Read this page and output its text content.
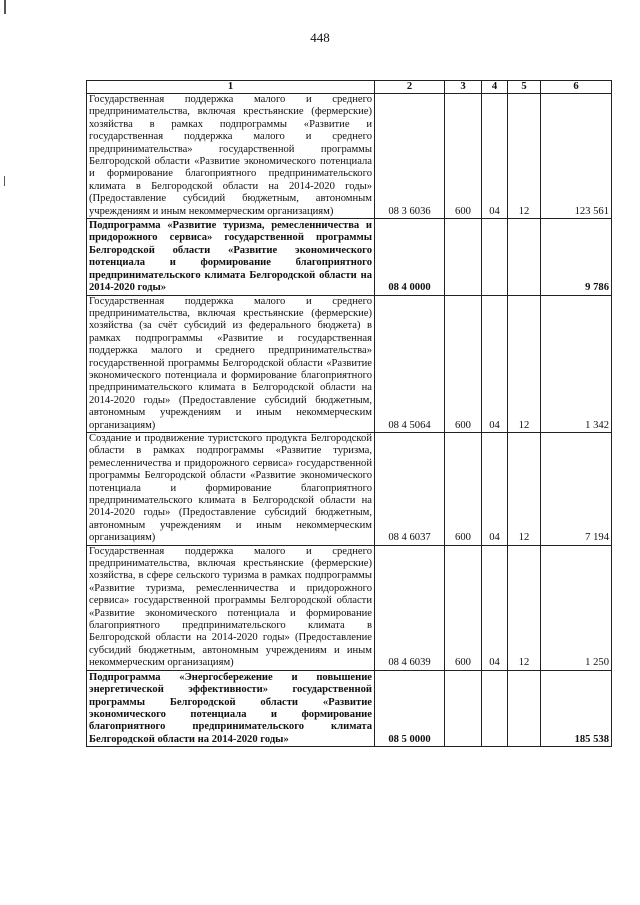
448
1	2	3	4	5	6
Государственная поддержка малого и среднего предпринимательства, включая крестьянские (фермерские) хозяйства в рамках подпрограммы «Развитие и государственная поддержка малого и среднего предпринимательства» государственной программы Белгородской области «Развитие экономического потенциала и формирование благоприятного предпринимательского климата в Белгородской области на 2014-2020 годы» (Предоставление субсидий бюджетным, автономным учреждениям и иным некоммерческим организациям)	08 3 6036	600	04	12	123 561
Подпрограмма «Развитие туризма, ремесленничества и придорожного сервиса» государственной программы Белгородской области «Развитие экономического потенциала и формирование благоприятного предпринимательского климата Белгородской области на 2014-2020 годы»	08 4 0000				9 786
Государственная поддержка малого и среднего предпринимательства, включая крестьянские (фермерские) хозяйства (за счёт субсидий из федерального бюджета) в рамках подпрограммы «Развитие и государственная поддержка малого и среднего предпринимательства» государственной программы Белгородской области «Развитие экономического потенциала и формирование благоприятного предпринимательского климата в Белгородской области на 2014-2020 годы» (Предоставление субсидий бюджетным, автономным учреждениям и иным некоммерческим организациям)	08 4 5064	600	04	12	1 342
Создание и продвижение туристского продукта Белгородской области в рамках подпрограммы «Развитие туризма, ремесленничества и придорожного сервиса» государственной программы Белгородской области «Развитие экономического потенциала и формирование благоприятного предпринимательского климата в Белгородской области на 2014-2020 годы» (Предоставление субсидий бюджетным, автономным учреждениям и иным некоммерческим организациям)	08 4 6037	600	04	12	7 194
Государственная поддержка малого и среднего предпринимательства, включая крестьянские (фермерские) хозяйства, в сфере сельского туризма в рамках подпрограммы «Развитие туризма, ремесленничества и придорожного сервиса» государственной программы Белгородской области «Развитие экономического потенциала и формирование благоприятного предпринимательского климата в Белгородской области на 2014-2020 годы» (Предоставление субсидий бюджетным, автономным учреждениям и иным некоммерческим организациям)	08 4 6039	600	04	12	1 250
Подпрограмма «Энергосбережение и повышение энергетической эффективности» государственной программы Белгородской области «Развитие экономического потенциала и формирование благоприятного предпринимательского климата Белгородской области на 2014-2020 годы»	08 5 0000				185 538
